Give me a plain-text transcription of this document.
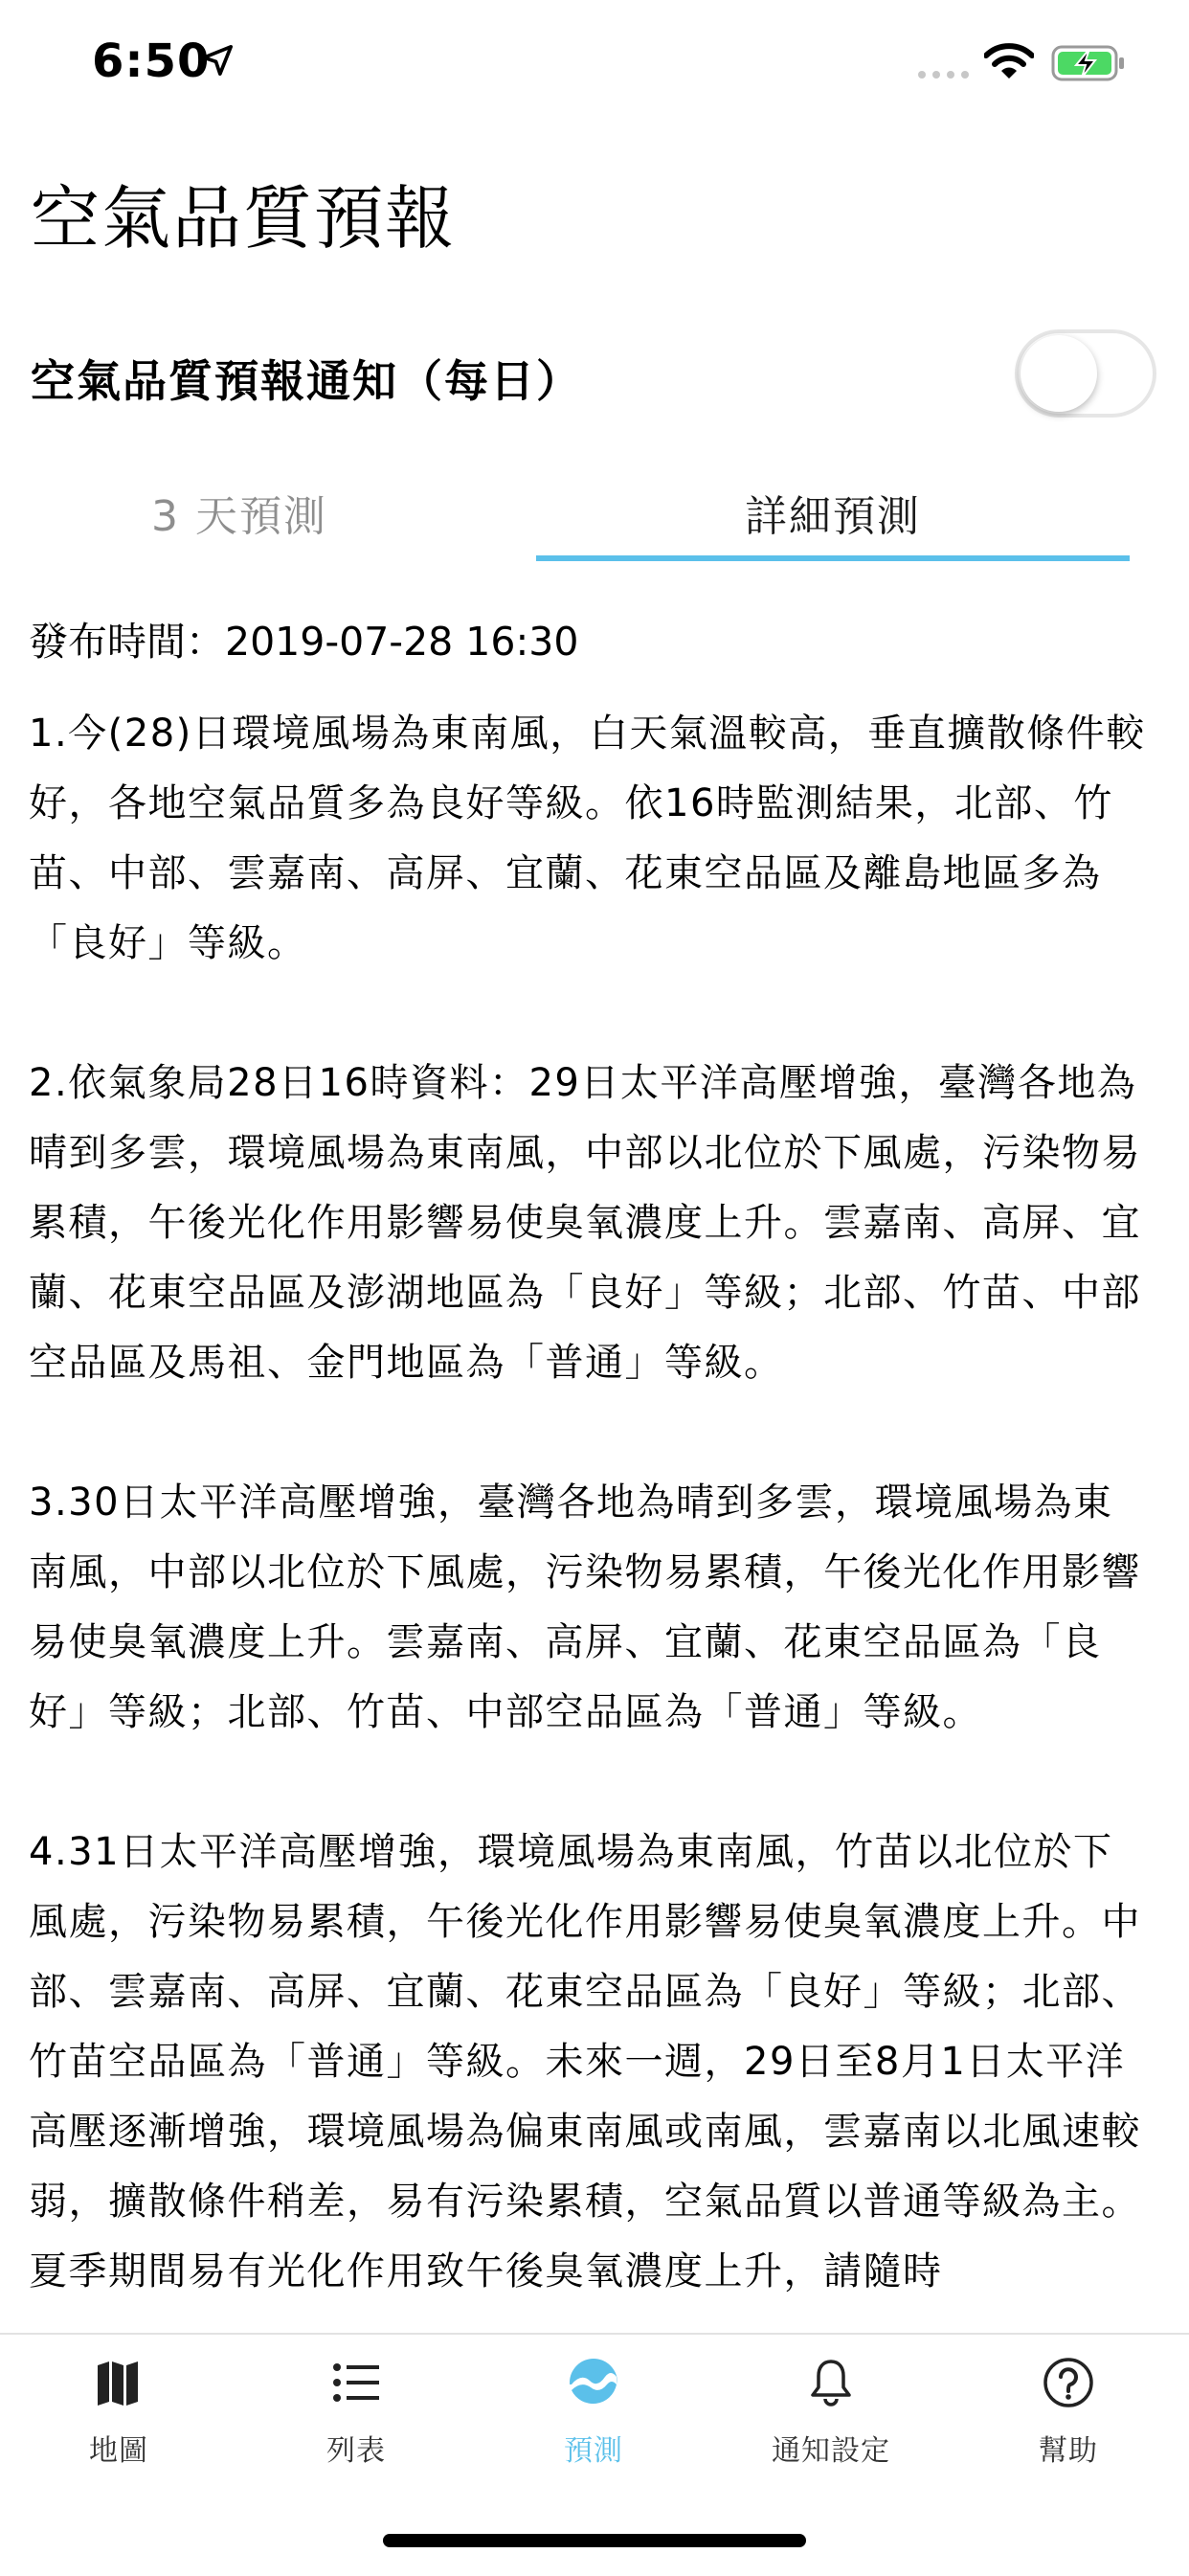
6:50
空氣品質預報
空氣品質預報通知（每日）
3 天預測	詳細預測

發布時間：2019-07-28 16:30

1.今(28)日環境風場為東南風，白天氣溫較高，垂直擴散條件較好，各地空氣品質多為良好等級。依16時監測結果，北部、竹苗、中部、雲嘉南、高屏、宜蘭、花東空品區及離島地區多為「良好」等級。

2.依氣象局28日16時資料：29日太平洋高壓增強，臺灣各地為晴到多雲，環境風場為東南風，中部以北位於下風處，污染物易累積，午後光化作用影響易使臭氧濃度上升。雲嘉南、高屏、宜蘭、花東空品區及澎湖地區為「良好」等級；北部、竹苗、中部空品區及馬祖、金門地區為「普通」等級。

3.30日太平洋高壓增強，臺灣各地為晴到多雲，環境風場為東南風，中部以北位於下風處，污染物易累積，午後光化作用影響易使臭氧濃度上升。雲嘉南、高屏、宜蘭、花東空品區為「良好」等級；北部、竹苗、中部空品區為「普通」等級。

4.31日太平洋高壓增強，環境風場為東南風，竹苗以北位於下風處，污染物易累積，午後光化作用影響易使臭氧濃度上升。中部、雲嘉南、高屏、宜蘭、花東空品區為「良好」等級；北部、竹苗空品區為「普通」等級。未來一週，29日至8月1日太平洋高壓逐漸增強，環境風場為偏東南風或南風，雲嘉南以北風速較弱，擴散條件稍差，易有污染累積，空氣品質以普通等級為主。夏季期間易有光化作用致午後臭氧濃度上升，請隨時

地圖	列表	預測	通知設定	幫助
